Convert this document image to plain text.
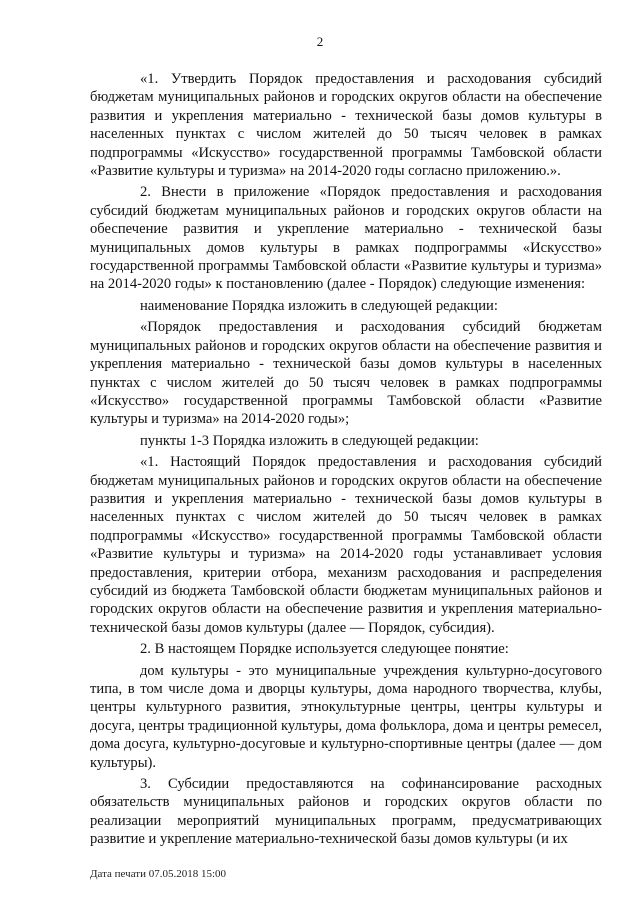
2

«1. Утвердить Порядок предоставления и расходования субсидий бюджетам муниципальных районов и городских округов области на обеспечение развития и укрепления материально - технической базы домов культуры в населенных пунктах с числом жителей до 50 тысяч человек в рамках подпрограммы «Искусство» государственной программы Тамбовской области «Развитие культуры и туризма» на 2014-2020 годы согласно приложению.».

2. Внести в приложение «Порядок предоставления и расходования субсидий бюджетам муниципальных районов и городских округов области на обеспечение развития и укрепление материально - технической базы муниципальных домов культуры в рамках подпрограммы «Искусство» государственной программы Тамбовской области «Развитие культуры и туризма» на 2014-2020 годы» к постановлению (далее - Порядок) следующие изменения:

наименование Порядка изложить в следующей редакции:

«Порядок предоставления и расходования субсидий бюджетам муниципальных районов и городских округов области на обеспечение развития и укрепления материально - технической базы домов культуры в населенных пунктах с числом жителей до 50 тысяч человек в рамках подпрограммы «Искусство» государственной программы Тамбовской области «Развитие культуры и туризма» на 2014-2020 годы»;

пункты 1-3 Порядка изложить в следующей редакции:

«1. Настоящий Порядок предоставления и расходования субсидий бюджетам муниципальных районов и городских округов области на обеспечение развития и укрепления материально - технической базы домов культуры в населенных пунктах с числом жителей до 50 тысяч человек в рамках подпрограммы «Искусство» государственной программы Тамбовской области «Развитие культуры и туризма» на 2014-2020 годы устанавливает условия предоставления, критерии отбора, механизм расходования и распределения субсидий из бюджета Тамбовской области бюджетам муниципальных районов и городских округов области на обеспечение развития и укрепления материально-технической базы домов культуры (далее — Порядок, субсидия).

2. В настоящем Порядке используется следующее понятие:

дом культуры - это муниципальные учреждения культурно-досугового типа, в том числе дома и дворцы культуры, дома народного творчества, клубы, центры культурного развития, этнокультурные центры, центры культуры и досуга, центры традиционной культуры, дома фольклора, дома и центры ремесел, дома досуга, культурно-досуговые и культурно-спортивные центры (далее — дом культуры).

3. Субсидии предоставляются на софинансирование расходных обязательств муниципальных районов и городских округов области по реализации мероприятий муниципальных программ, предусматривающих развитие и укрепление материально-технической базы домов культуры (и их

Дата печати 07.05.2018 15:00
